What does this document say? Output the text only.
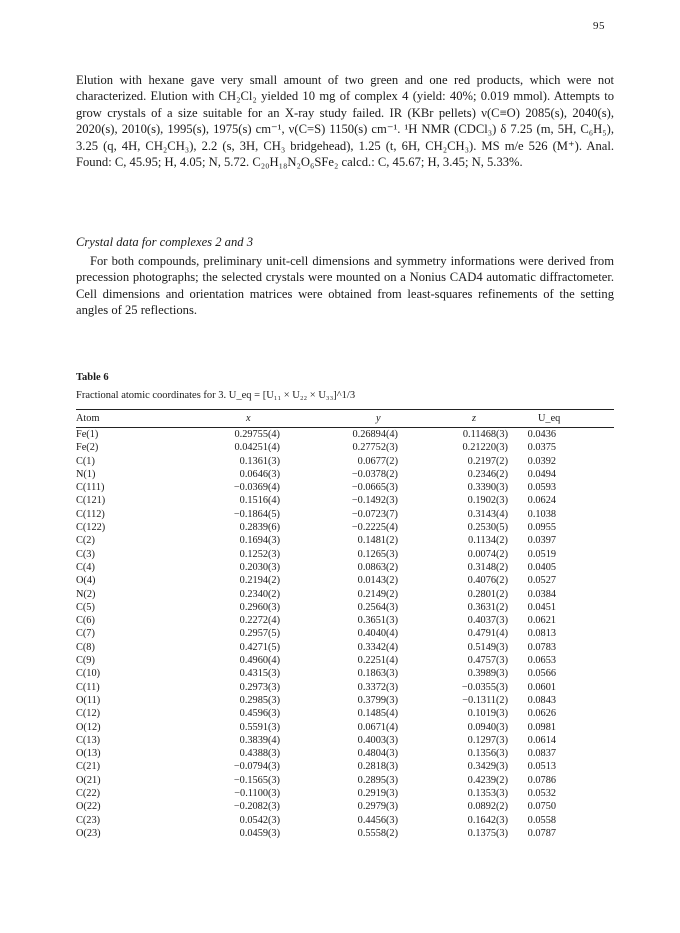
95

Elution with hexane gave very small amount of two green and one red products, which were not characterized. Elution with CH₂Cl₂ yielded 10 mg of complex 4 (yield: 40%; 0.019 mmol). Attempts to grow crystals of a size suitable for an X-ray study failed. IR (KBr pellets) ν(C≡O) 2085(s), 2040(s), 2020(s), 2010(s), 1995(s), 1975(s) cm⁻¹, ν(C=S) 1150(s) cm⁻¹. ¹H NMR (CDCl₃) δ 7.25 (m, 5H, C₆H₅), 3.25 (q, 4H, CH₂CH₃), 2.2 (s, 3H, CH₃ bridgehead), 1.25 (t, 6H, CH₂CH₃). MS m/e 526 (M⁺). Anal. Found: C, 45.95; H, 4.05; N, 5.72. C₂₀H₁₈N₂O₆SFe₂ calcd.: C, 45.67; H, 3.45; N, 5.33%.

Crystal data for complexes 2 and 3

For both compounds, preliminary unit-cell dimensions and symmetry informations were derived from precession photographs; the selected crystals were mounted on a Nonius CAD4 automatic diffractometer. Cell dimensions and orientation matrices were obtained from least-squares refinements of the setting angles of 25 reflections.

Table 6
Fractional atomic coordinates for 3. U_eq = [U₁₁ × U₂₂ × U₃₃]^1/3
Atom	x	y	z	U_eq
Fe(1)	0.29755(4)	0.26894(4)	0.11468(3)	0.0436
Fe(2)	0.04251(4)	0.27752(3)	0.21220(3)	0.0375
C(1)	0.1361(3)	0.0677(2)	0.2197(2)	0.0392
N(1)	0.0646(3)	−0.0378(2)	0.2346(2)	0.0494
C(111)	−0.0369(4)	−0.0665(3)	0.3390(3)	0.0593
C(121)	0.1516(4)	−0.1492(3)	0.1902(3)	0.0624
C(112)	−0.1864(5)	−0.0723(7)	0.3143(4)	0.1038
C(122)	0.2839(6)	−0.2225(4)	0.2530(5)	0.0955
C(2)	0.1694(3)	0.1481(2)	0.1134(2)	0.0397
C(3)	0.1252(3)	0.1265(3)	0.0074(2)	0.0519
C(4)	0.2030(3)	0.0863(2)	0.3148(2)	0.0405
O(4)	0.2194(2)	0.0143(2)	0.4076(2)	0.0527
N(2)	0.2340(2)	0.2149(2)	0.2801(2)	0.0384
C(5)	0.2960(3)	0.2564(3)	0.3631(2)	0.0451
C(6)	0.2272(4)	0.3651(3)	0.4037(3)	0.0621
C(7)	0.2957(5)	0.4040(4)	0.4791(4)	0.0813
C(8)	0.4271(5)	0.3342(4)	0.5149(3)	0.0783
C(9)	0.4960(4)	0.2251(4)	0.4757(3)	0.0653
C(10)	0.4315(3)	0.1863(3)	0.3989(3)	0.0566
C(11)	0.2973(3)	0.3372(3)	−0.0355(3)	0.0601
O(11)	0.2985(3)	0.3799(3)	−0.1311(2)	0.0843
C(12)	0.4596(3)	0.1485(4)	0.1019(3)	0.0626
O(12)	0.5591(3)	0.0671(4)	0.0940(3)	0.0981
C(13)	0.3839(4)	0.4003(3)	0.1297(3)	0.0614
O(13)	0.4388(3)	0.4804(3)	0.1356(3)	0.0837
C(21)	−0.0794(3)	0.2818(3)	0.3429(3)	0.0513
O(21)	−0.1565(3)	0.2895(3)	0.4239(2)	0.0786
C(22)	−0.1100(3)	0.2919(3)	0.1353(3)	0.0532
O(22)	−0.2082(3)	0.2979(3)	0.0892(2)	0.0750
C(23)	0.0542(3)	0.4456(3)	0.1642(3)	0.0558
O(23)	0.0459(3)	0.5558(2)	0.1375(3)	0.0787
